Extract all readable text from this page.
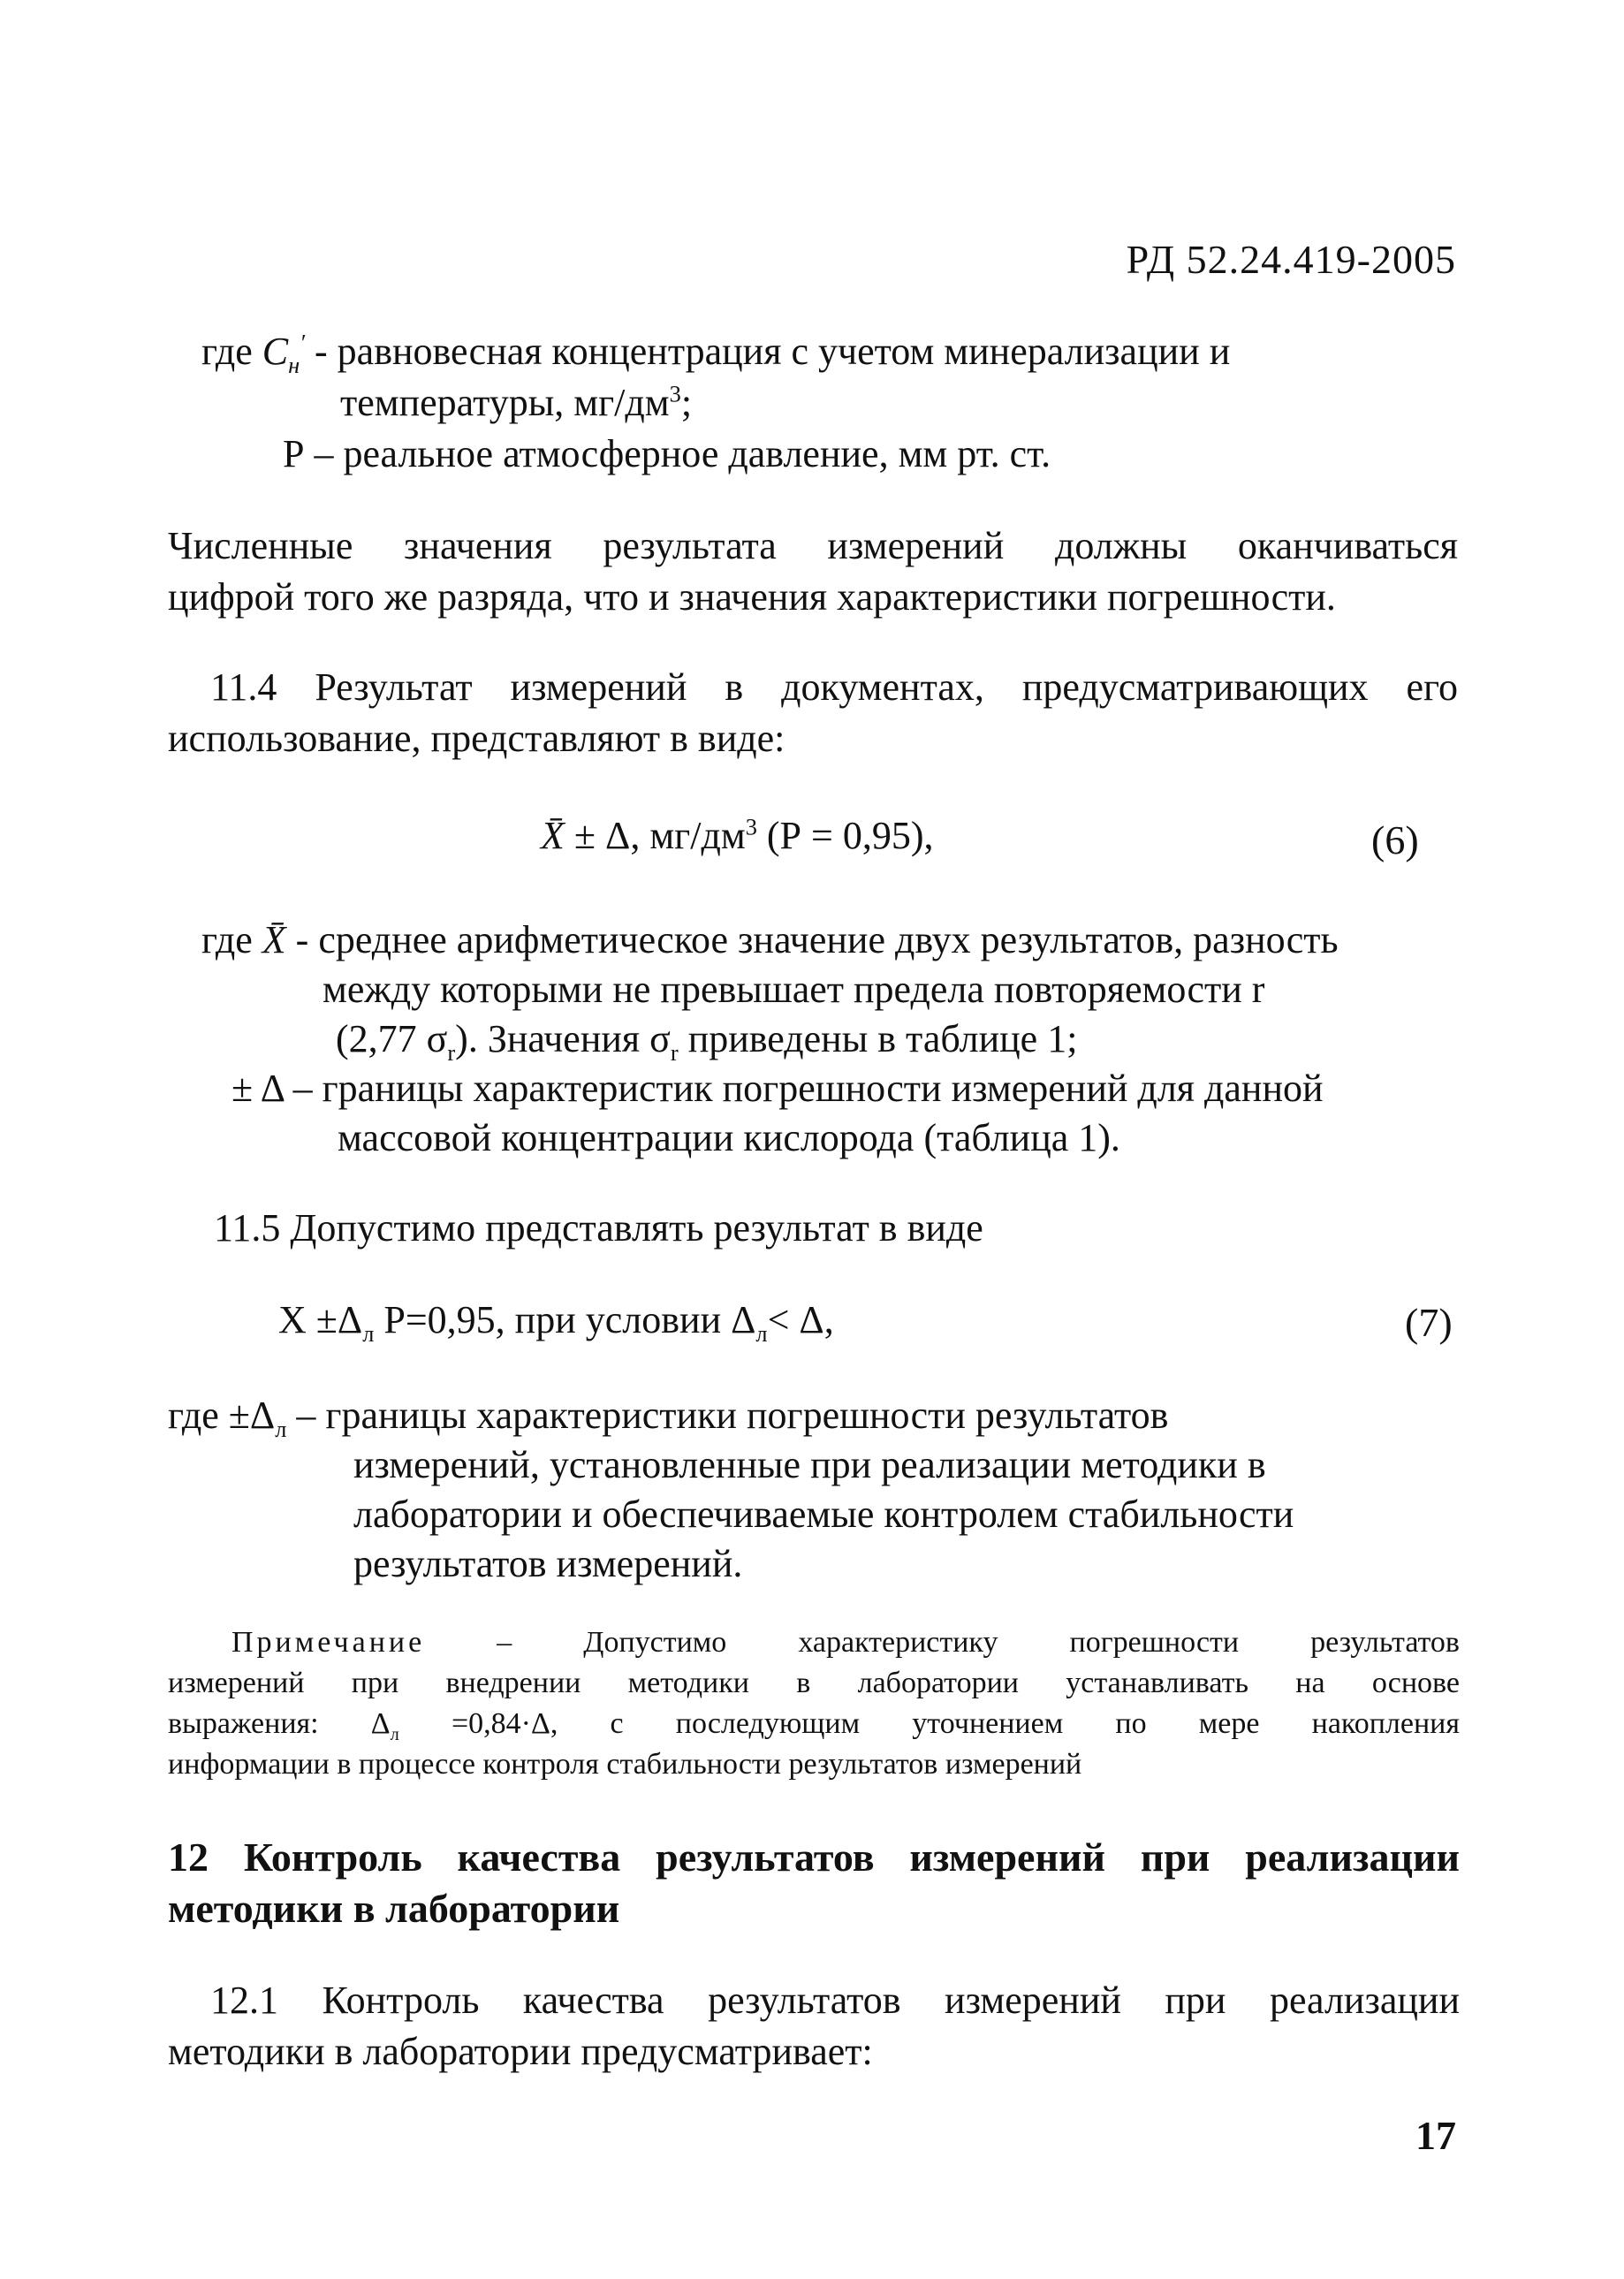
РД 52.24.419-2005
где $C_н'$ - равновесная концентрация с учетом минерализации и
температуры, $мг/дм^3$;
Р – реальное атмосферное давление, мм рт. ст.
Численные значения результата измерений должны оканчиваться
цифрой того же разряда, что и значения характеристики погрешности.
11.4 Результат измерений в документах, предусматривающих его
использование, представляют в виде:
X̄ ± Δ, $мг/дм^3$ (Р = 0,95),	(6)
где X̄ - среднее арифметическое значение двух результатов, разность
между которыми не превышает предела повторяемости r
(2,77 $\sigma_r$). Значения $\sigma_r$ приведены в таблице 1;
± Δ – границы характеристик погрешности измерений для данной
массовой концентрации кислорода (таблица 1).
11.5 Допустимо представлять результат в виде
$Х \pm\Delta_л$ Р=0,95, при условии $\Delta_л< \Delta$,	(7)
где $\pm\Delta_л$ – границы характеристики погрешности результатов
измерений, установленные при реализации методики в
лаборатории и обеспечиваемые контролем стабильности
результатов измерений.
Примечание – Допустимо характеристику погрешности результатов
измерений при внедрении методики в лаборатории устанавливать на основе
выражения: $\Delta_л =0,84\cdot\Delta$, с последующим уточнением по мере накопления
информации в процессе контроля стабильности результатов измерений
12 Контроль качества результатов измерений при реализации
методики в лаборатории
12.1 Контроль качества результатов измерений при реализации
методики в лаборатории предусматривает:
17
